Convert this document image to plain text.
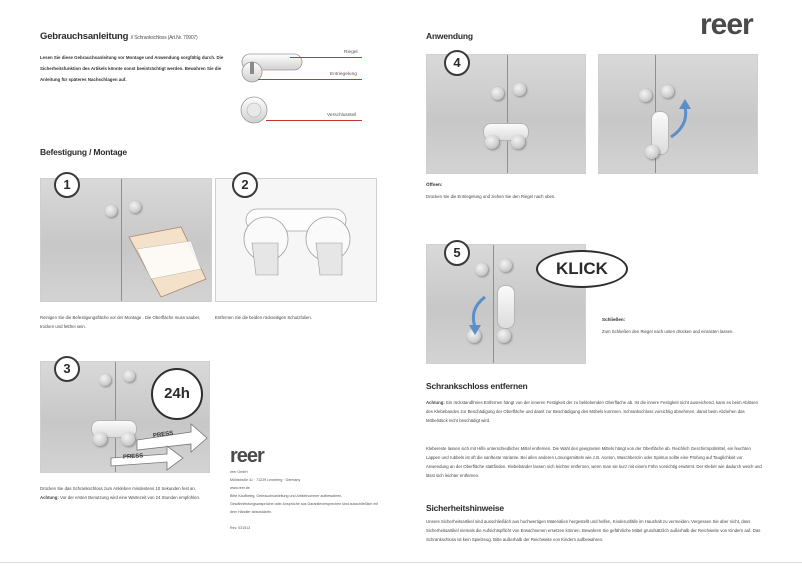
Gebrauchsanleitung // Schrankschloss (Art.Nr. 70907)
Lesen Sie diese Gebrauchsanleitung vor Montage und Anwendung sorgfältig durch. Die Sicherheitsfunktion des Artikels könnte sonst beeinträchtigt werden. Bewahren Sie die Anleitung für späteres Nachschlagen auf.
Riegel
Entriegelung
Verschlussteil
Befestigung / Montage
1
Reinigen Sie die Befestigungsfläche vor der Montage . Die Oberfläche muss sauber, trocken und fettfrei sein.
2
Entfernen Sie die beiden rückseitigen Schutzfolien.
24h
PRESS
PRESS
3
Drücken Sie das Schrankschloss zum Ankleben mindestens 10 Sekunden fest an. Achtung: Vor der ersten Benutzung wird eine Wartezeit von 24 Stunden empfohlen.
reer
reer GmbH
Mühlstraße 41 · 71229 Leonberg · Germany
www.reer.de
Bitte Kaufbeleg, Gebrauchsanleitung und Artikelnummer aufbewahren. Gewährleistungsansprüche oder Ansprüche aus Garantieversprechen sind ausschließlich mit dem Händler abzuwickeln.
Rev. 031513
Anwendung	reer
4
Öffnen:
Drücken Sie die Entriegelung und ziehen Sie den Riegel nach oben.
5
KLICK
Schließen:
Zum Schließen den Riegel nach unten drücken und einrasten lassen.
Schrankschloss entfernen
Achtung: Ein rückstandfreies Entfernen hängt von der inneren Festigkeit der zu beklebenden Oberfläche ab. Ist die innere Festigkeit nicht ausreichend, kann es beim Ablösen des Klebebandes zur Beschädigung der Oberfläche und damit zur Beschädigung des Möbels kommen. Schrankschloss vorsichtig abnehmen, damit beim Abziehen das Möbelstück nicht beschädigt wird.
Klebereste lassen sich mit Hilfe unterschiedlicher Mittel entfernen. Die Wahl des geeigneten Mittels hängt von der Oberfläche ab. Reichlich Geschirrspülmittel, ein feuchten Lappen und rubbeln ist oft die sanfteste Variante. Bei allen anderen Lösungsmitteln wie z.B. Aceton, Waschbenzin oder Spiritus sollte eine Prüfung auf Tauglichkeit vor Anwendung an der Oberfläche stattfinden. Klebebänder lassen sich leichter entfernen, wenn man sie kurz mit einem Föhn vorsichtig erwärmt. Der Kleber wie dadurch weich und lässt sich leichter entfernen.
Sicherheitshinweise
Unsere Sicherheitsartikel sind ausschließlich aus hochwertigen Materialien hergestellt und helfen, Kinderunfälle im Haushalt zu vermeiden. Vergessen Sie aber nicht, dass Sicherheitsartikel niemals die Aufsichtspflicht von Erwachsenen ersetzen können. Bewahren Sie gefährliche Mittel grundsätzlich außerhalb der Reichweite von Kindern auf. Das Schrankschloss ist kein Spielzeug. Bitte außerhalb der Reichweite von Kindern aufbewahren.
